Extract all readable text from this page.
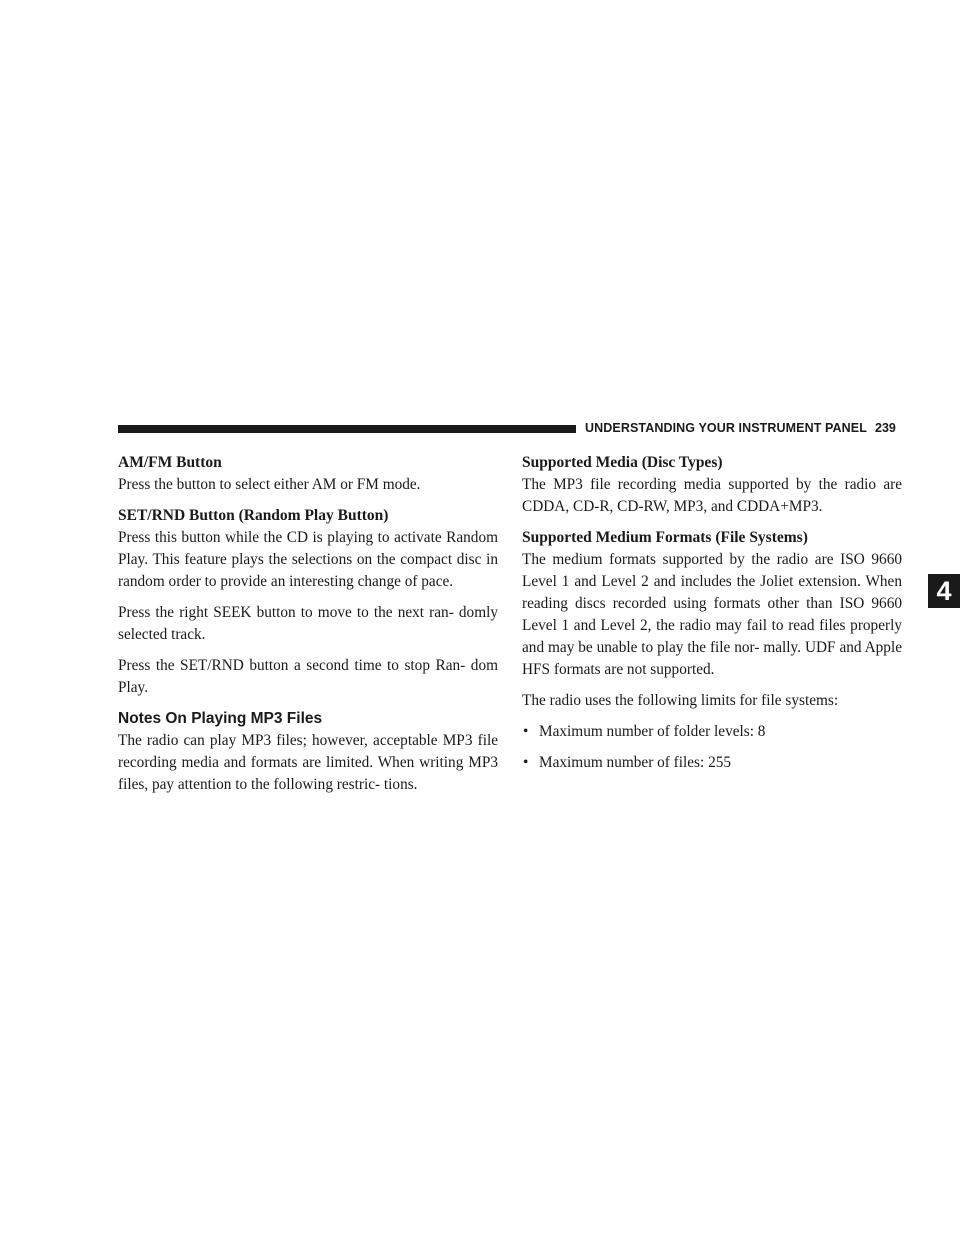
UNDERSTANDING YOUR INSTRUMENT PANEL 239
4
AM/FM Button

Press the button to select either AM or FM mode.

SET/RND Button (Random Play Button)

Press this button while the CD is playing to activate Random Play. This feature plays the selections on the compact disc in random order to provide an interesting change of pace.

Press the right SEEK button to move to the next ran- domly selected track.

Press the SET/RND button a second time to stop Ran- dom Play.

Notes On Playing MP3 Files

The radio can play MP3 files; however, acceptable MP3 file recording media and formats are limited. When writing MP3 files, pay attention to the following restric- tions.

Supported Media (Disc Types)

The MP3 file recording media supported by the radio are CDDA, CD-R, CD-RW, MP3, and CDDA+MP3.

Supported Medium Formats (File Systems)

The medium formats supported by the radio are ISO 9660 Level 1 and Level 2 and includes the Joliet extension. When reading discs recorded using formats other than ISO 9660 Level 1 and Level 2, the radio may fail to read files properly and may be unable to play the file nor- mally. UDF and Apple HFS formats are not supported.

The radio uses the following limits for file systems:

• Maximum number of folder levels: 8
• Maximum number of files: 255
